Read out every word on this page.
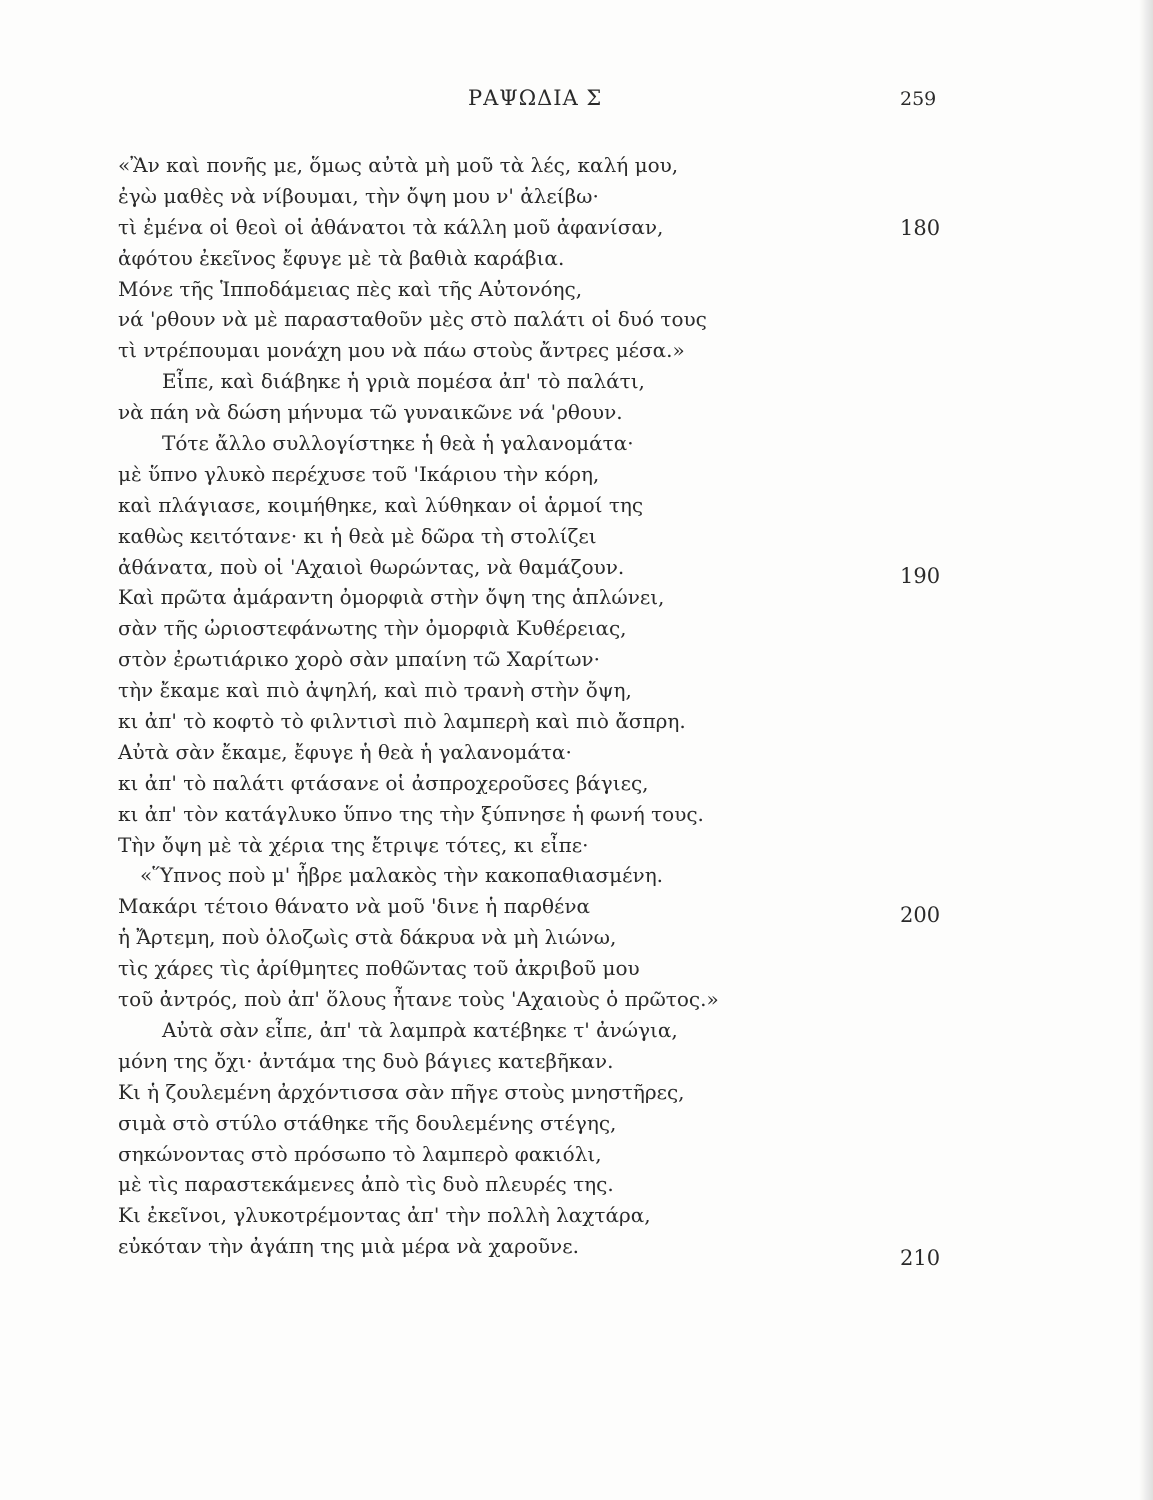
ΡΑΨΩΔΙΑ Σ	259
180
190
200
210
«Ἂν καὶ πονῆς με, ὅμως αὐτὰ μὴ μοῦ τὰ λές, καλή μου,
ἐγὼ μαθὲς νὰ νίβουμαι, τὴν ὄψη μου ν' ἀλείβω·
τὶ ἐμένα οἱ θεοὶ οἱ ἀθάνατοι τὰ κάλλη μοῦ ἀφανίσαν,
ἀφότου ἐκεῖνος ἔφυγε μὲ τὰ βαθιὰ καράβια.
Μόνε τῆς Ἱπποδάμειας πὲς καὶ τῆς Αὐτονόης,
νά 'ρθουν νὰ μὲ παρασταθοῦν μὲς στὸ παλάτι οἱ δυό τους
τὶ ντρέπουμαι μονάχη μου νὰ πάω στοὺς ἄντρες μέσα.»
Εἶπε, καὶ διάβηκε ἡ γριὰ πομέσα ἀπ' τὸ παλάτι,
νὰ πάη νὰ δώση μήνυμα τῶ γυναικῶνε νά 'ρθουν.
Τότε ἄλλο συλλογίστηκε ἡ θεὰ ἡ γαλανομάτα·
μὲ ὕπνο γλυκὸ περέχυσε τοῦ 'Ικάριου τὴν κόρη,
καὶ πλάγιασε, κοιμήθηκε, καὶ λύθηκαν οἱ ἁρμοί της
καθὼς κειτότανε· κι ἡ θεὰ μὲ δῶρα τὴ στολίζει
ἀθάνατα, ποὺ οἱ 'Αχαιοὶ θωρώντας, νὰ θαμάζουν.
Καὶ πρῶτα ἀμάραντη ὀμορφιὰ στὴν ὄψη της ἁπλώνει,
σὰν τῆς ὠριοστεφάνωτης τὴν ὀμορφιὰ Κυθέρειας,
στὸν ἐρωτιάρικο χορὸ σὰν μπαίνη τῶ Χαρίτων·
τὴν ἔκαμε καὶ πιὸ ἀψηλή, καὶ πιὸ τρανὴ στὴν ὄψη,
κι ἀπ' τὸ κοφτὸ τὸ φιλντισὶ πιὸ λαμπερὴ καὶ πιὸ ἄσπρη.
Αὐτὰ σὰν ἔκαμε, ἔφυγε ἡ θεὰ ἡ γαλανομάτα·
κι ἀπ' τὸ παλάτι φτάσανε οἱ ἀσπροχεροῦσες βάγιες,
κι ἀπ' τὸν κατάγλυκο ὕπνο της τὴν ξύπνησε ἡ φωνή τους.
Τὴν ὄψη μὲ τὰ χέρια της ἔτριψε τότες, κι εἶπε·
«Ὕπνος ποὺ μ' ἦβρε μαλακὸς τὴν κακοπαθιασμένη.
Μακάρι τέτοιο θάνατο νὰ μοῦ 'δινε ἡ παρθένα
ἡ Ἄρτεμη, ποὺ ὁλοζωὶς στὰ δάκρυα νὰ μὴ λιώνω,
τὶς χάρες τὶς ἀρίθμητες ποθῶντας τοῦ ἀκριβοῦ μου
τοῦ ἀντρός, ποὺ ἀπ' ὅλους ἦτανε τοὺς 'Αχαιοὺς ὁ πρῶτος.»
Αὐτὰ σὰν εἶπε, ἀπ' τὰ λαμπρὰ κατέβηκε τ' ἀνώγια,
μόνη της ὄχι· ἀντάμα της δυὸ βάγιες κατεβῆκαν.
Κι ἡ ζουλεμένη ἀρχόντισσα σὰν πῆγε στοὺς μνηστῆρες,
σιμὰ στὸ στύλο στάθηκε τῆς δουλεμένης στέγης,
σηκώνοντας στὸ πρόσωπο τὸ λαμπερὸ φακιόλι,
μὲ τὶς παραστεκάμενες ἀπὸ τὶς δυὸ πλευρές της.
Κι ἐκεῖνοι, γλυκοτρέμοντας ἀπ' τὴν πολλὴ λαχτάρα,
εὐκόταν τὴν ἀγάπη της μιὰ μέρα νὰ χαροῦνε.
